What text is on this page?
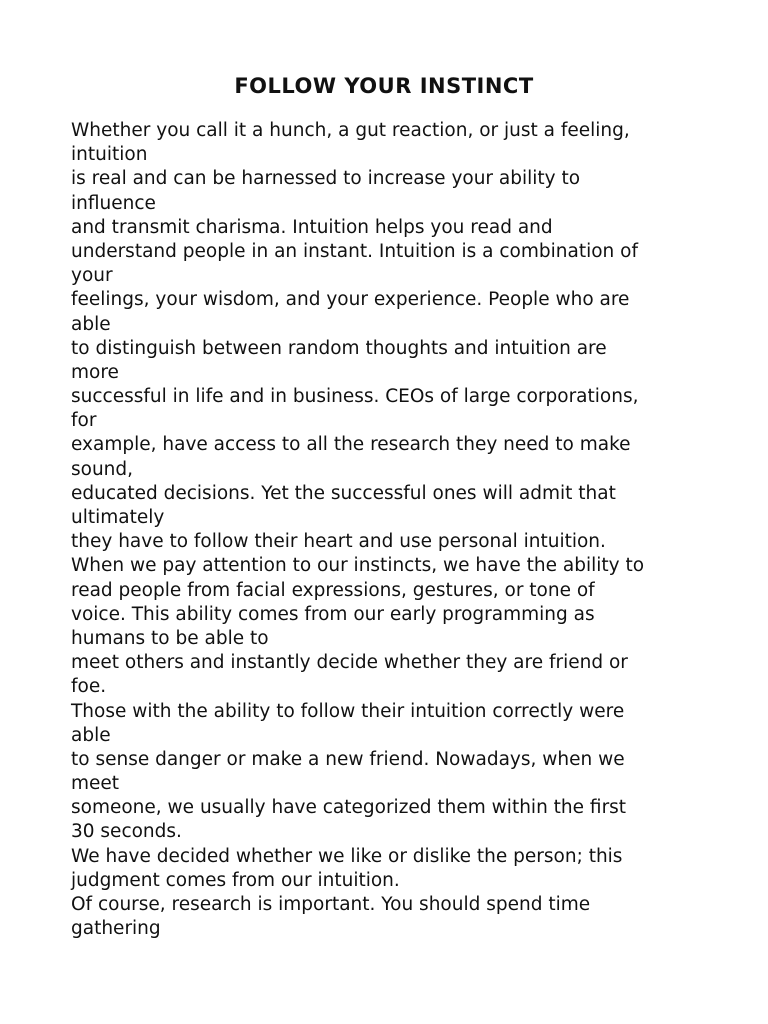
FOLLOW YOUR INSTINCT
Whether you call it a hunch, a gut reaction, or just a feeling,
intuition
is real and can be harnessed to increase your ability to
influence
and transmit charisma. Intuition helps you read and
understand people in an instant. Intuition is a combination of
your
feelings, your wisdom, and your experience. People who are
able
to distinguish between random thoughts and intuition are
more
successful in life and in business. CEOs of large corporations,
for
example, have access to all the research they need to make
sound,
educated decisions. Yet the successful ones will admit that
ultimately
they have to follow their heart and use personal intuition.
When we pay attention to our instincts, we have the ability to
read people from facial expressions, gestures, or tone of
voice. This ability comes from our early programming as
humans to be able to
meet others and instantly decide whether they are friend or
foe.
Those with the ability to follow their intuition correctly were
able
to sense danger or make a new friend. Nowadays, when we
meet
someone, we usually have categorized them within the first
30 seconds.
We have decided whether we like or dislike the person; this
judgment comes from our intuition.
Of course, research is important. You should spend time
gathering
